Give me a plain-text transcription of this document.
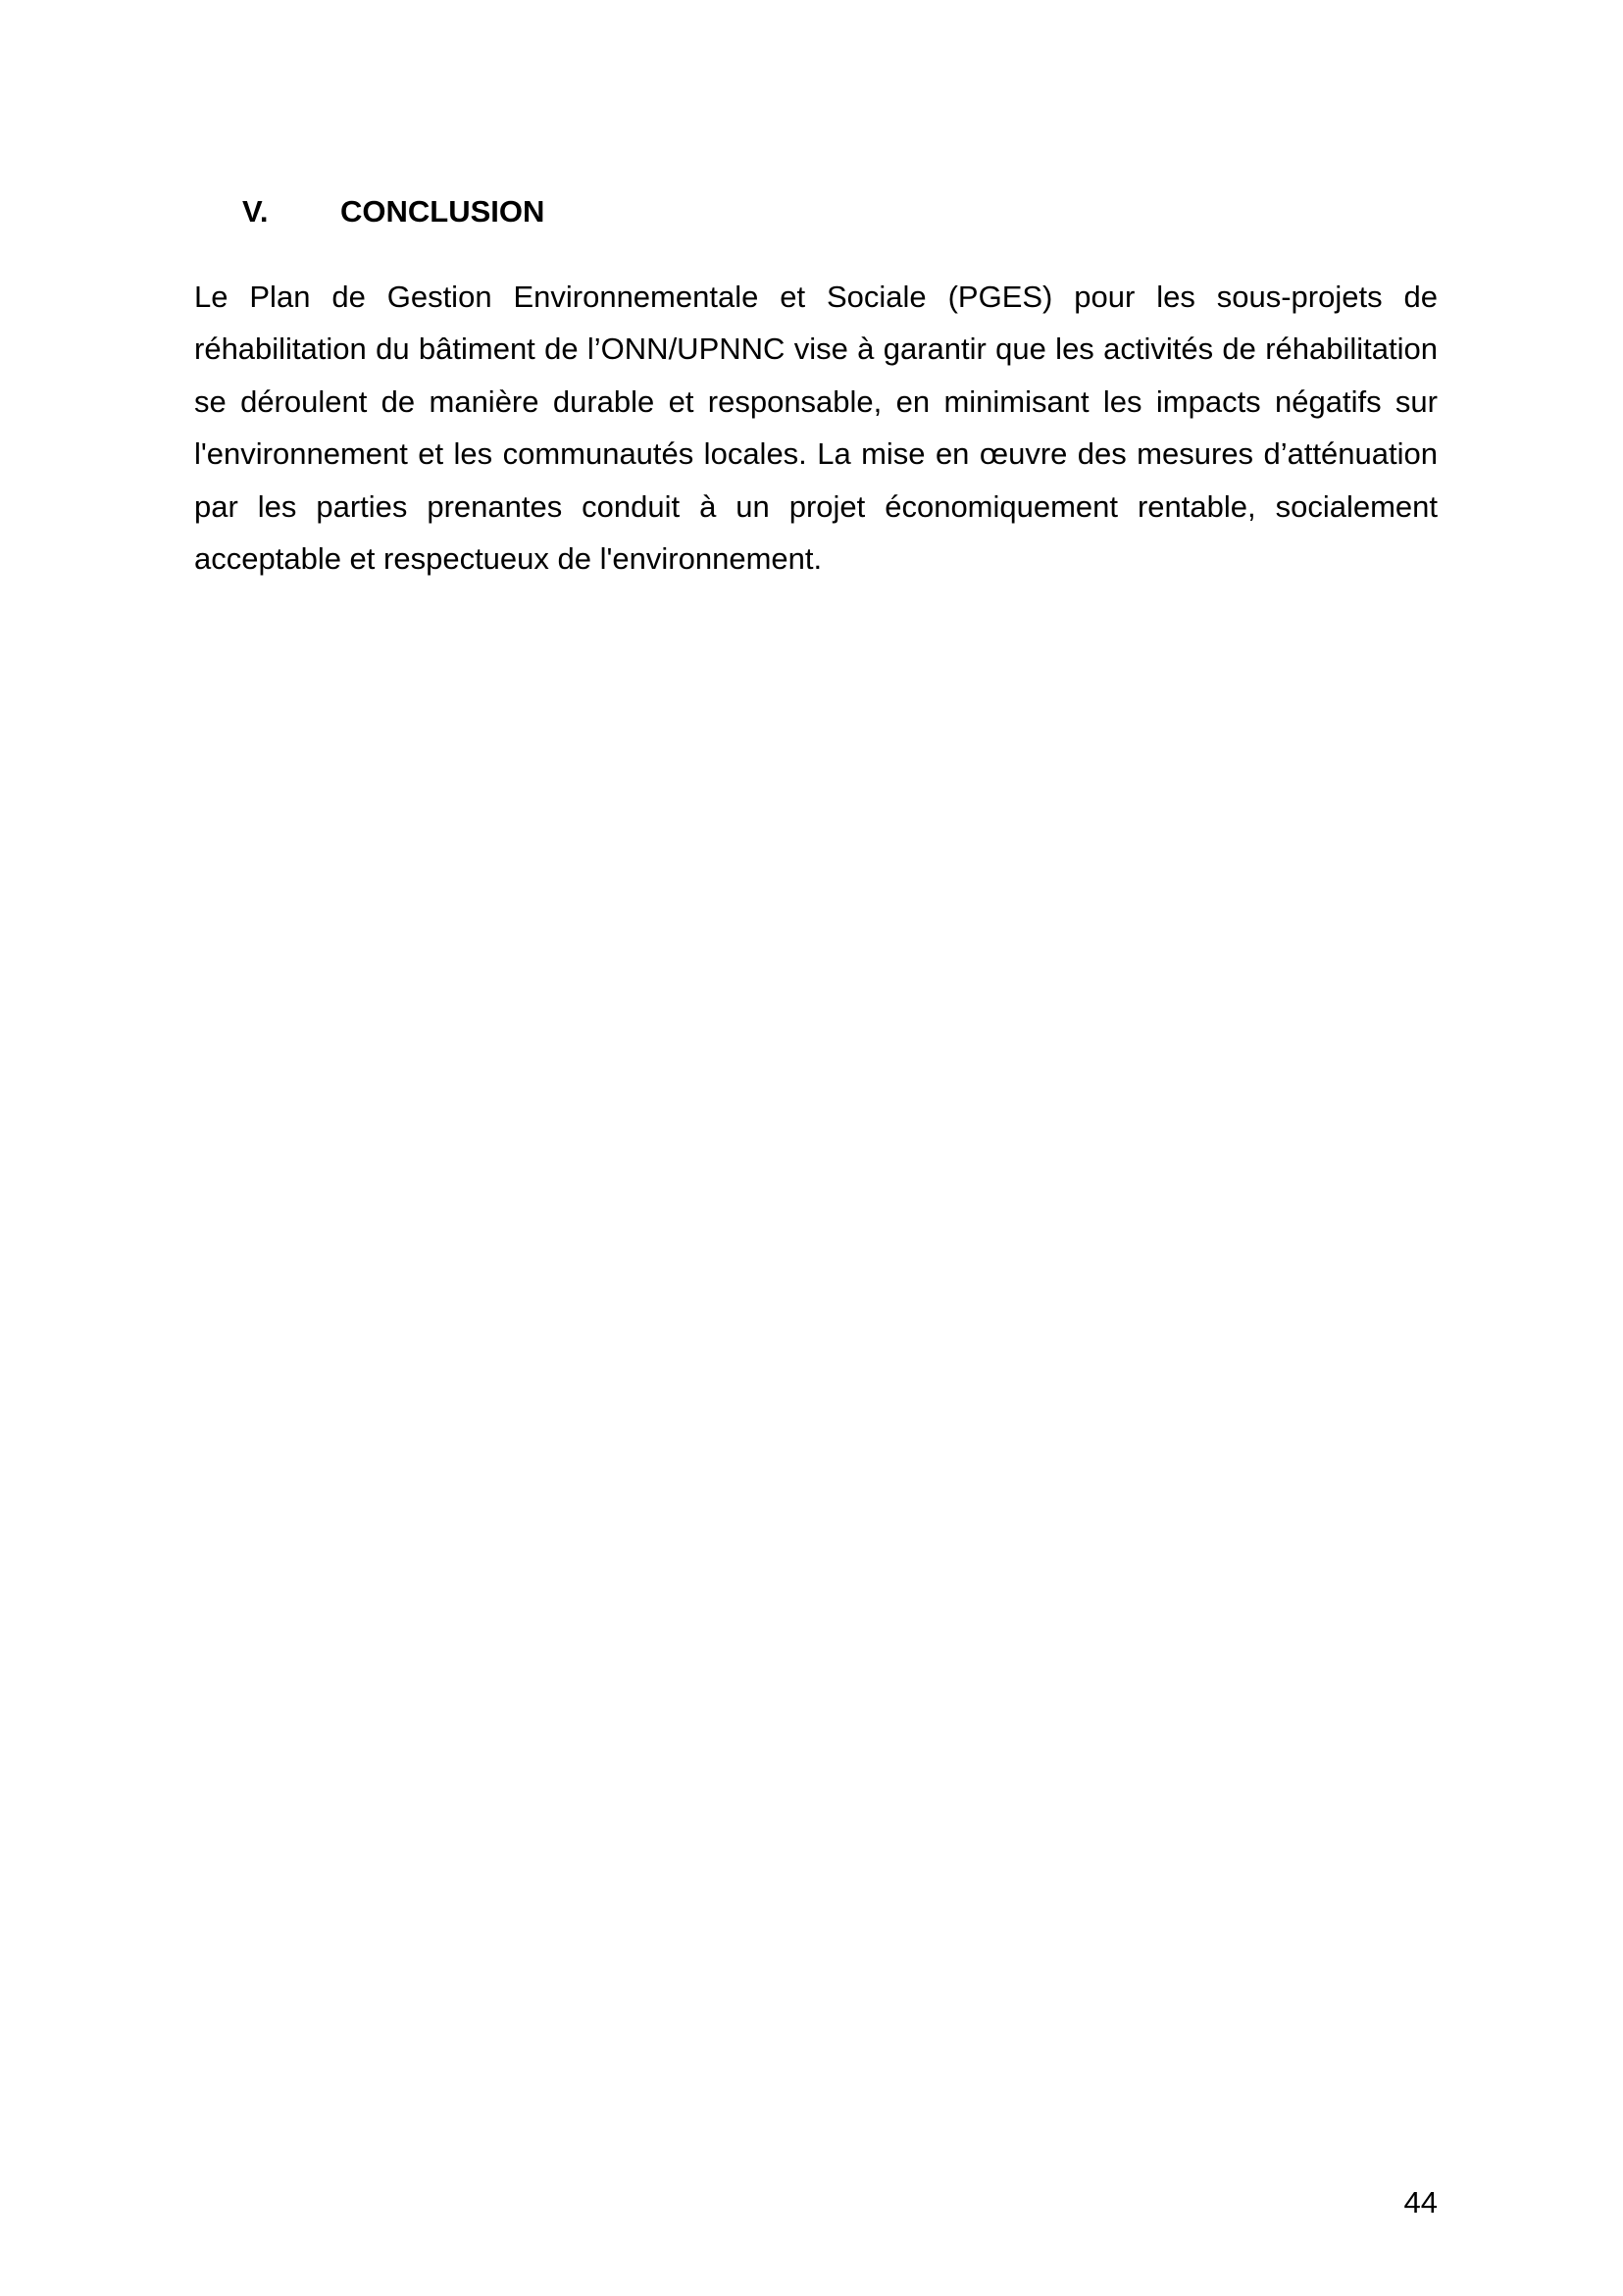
V. CONCLUSION

Le Plan de Gestion Environnementale et Sociale (PGES) pour les sous-projets de réhabilitation du bâtiment de l’ONN/UPNNC vise à garantir que les activités de réhabilitation se déroulent de manière durable et responsable, en minimisant les impacts négatifs sur l'environnement et les communautés locales. La mise en œuvre des mesures d’atténuation par les parties prenantes conduit à un projet économiquement rentable, socialement acceptable et respectueux de l'environnement.

44
